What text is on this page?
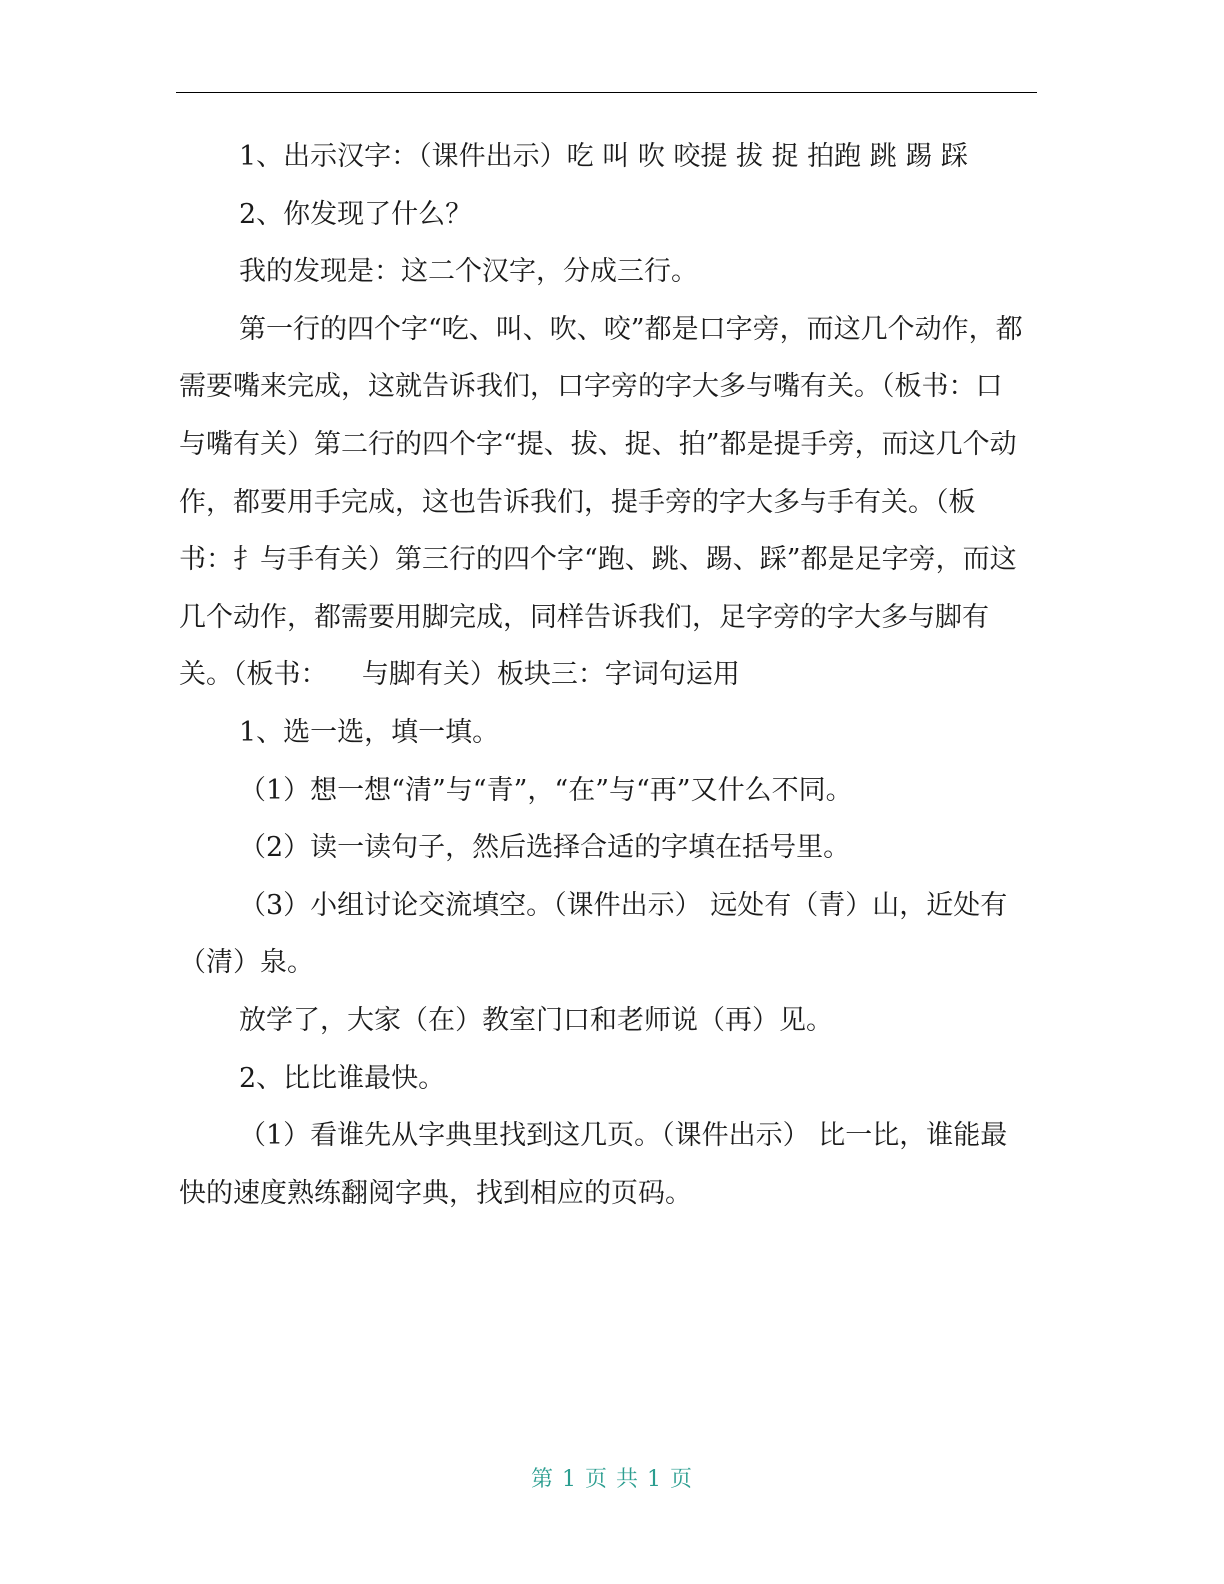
1、出示汉字：（课件出示）吃 叫 吹 咬提 拔 捉 拍跑 跳 踢 踩

2、你发现了什么？

我的发现是：这二个汉字，分成三行。

第一行的四个字“吃、叫、吹、咬”都是口字旁，而这几个动作，都需要嘴来完成，这就告诉我们，口字旁的字大多与嘴有关。（板书：口 与嘴有关）第二行的四个字“提、拔、捉、拍”都是提手旁，而这几个动作，都要用手完成，这也告诉我们，提手旁的字大多与手有关。（板书：扌与手有关）第三行的四个字“跑、跳、踢、踩”都是足字旁，而这几个动作，都需要用脚完成，同样告诉我们，足字旁的字大多与脚有关。（板书：    与脚有关）板块三：字词句运用

1、选一选，填一填。

（1）想一想“清”与“青”，“在”与“再”又什么不同。

（2）读一读句子，然后选择合适的字填在括号里。

（3）小组讨论交流填空。（课件出示） 远处有（青）山，近处有（清）泉。

放学了，大家（在）教室门口和老师说（再）见。

2、比比谁最快。

（1）看谁先从字典里找到这几页。（课件出示） 比一比，谁能最快的速度熟练翻阅字典，找到相应的页码。

第 1 页 共 1 页
